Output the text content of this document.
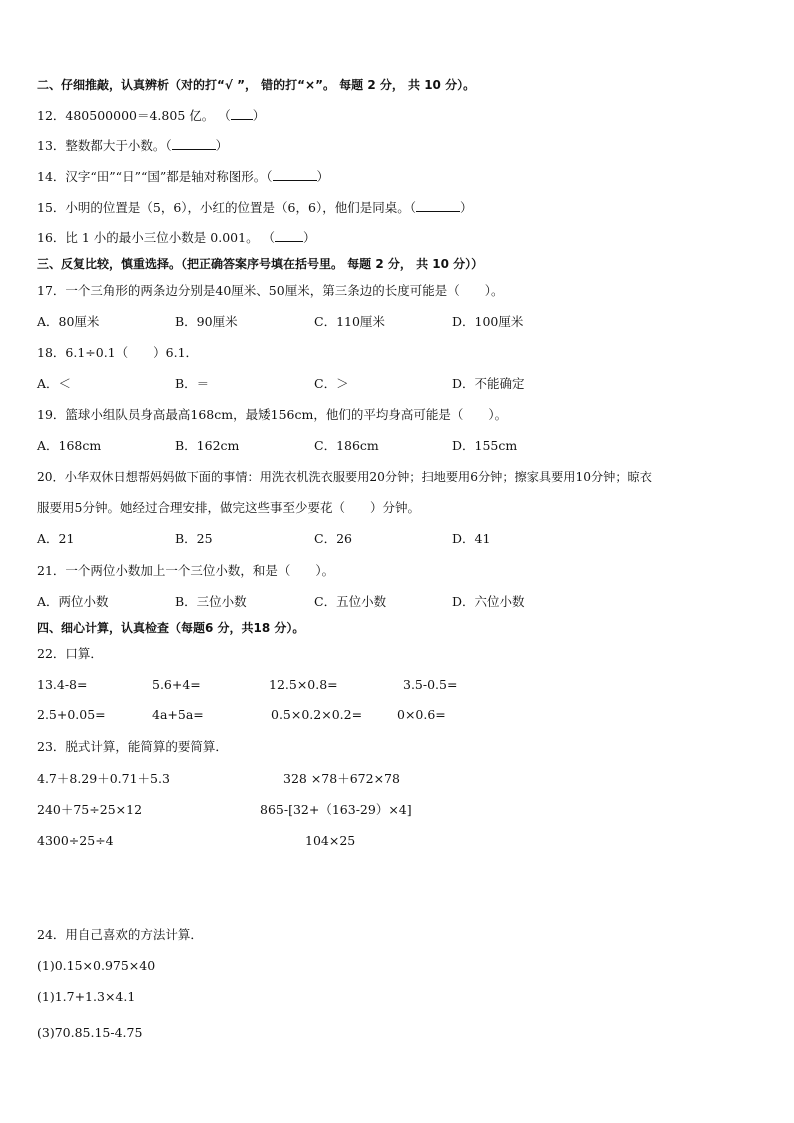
二、仔细推敲，认真辨析（对的打“√ ”， 错的打“×”。 每题 2 分， 共 10 分）。
12．480500000＝4.805 亿。 （ ）
13．整数都大于小数。（	）
14．汉字“田”“日”“国”都是轴对称图形。（	）
15．小明的位置是（5，6），小红的位置是（6，6），他们是同桌。（	）
16．比 1 小的最小三位小数是 0.001。 （ ）
三、反复比较，慎重选择。（把正确答案序号填在括号里。 每题 2 分， 共 10 分））
17．一个三角形的两条边分别是40厘米、50厘米，第三条边的长度可能是（　　）。
A．80厘米	B．90厘米	C．110厘米	D．100厘米
18．6.1÷0.1（　　）6.1．
A．＜	B．＝	C．＞	D．不能确定
19．篮球小组队员身高最高168cm，最矮156cm，他们的平均身高可能是（　　）。
A．168cm	B．162cm	C．186cm	D．155cm
20．小华双休日想帮妈妈做下面的事情：用洗衣机洗衣服要用20分钟；扫地要用6分钟；擦家具要用10分钟；晾衣
服要用5分钟。她经过合理安排，做完这些事至少要花（　　）分钟。
A．21	B．25	C．26	D．41
21．一个两位小数加上一个三位小数，和是（　　）。
A．两位小数	B．三位小数	C．五位小数	D．六位小数
四、细心计算，认真检查（每题6 分，共18 分）。
22．口算．
13.4-8=	5.6+4=	12.5×0.8=	3.5-0.5=
2.5+0.05=	4a+5a=	0.5×0.2×0.2=	0×0.6=
23．脱式计算，能简算的要简算．
4.7＋8.29＋0.71＋5.3	328 ×78＋672×78
240＋75÷25×12	865-[32+（163-29）×4]
4300÷25÷4	104×25
24．用自己喜欢的方法计算．
(1)0.15×0.975×40
(1)1.7+1.3×4.1
(3)70.85.15-4.75
